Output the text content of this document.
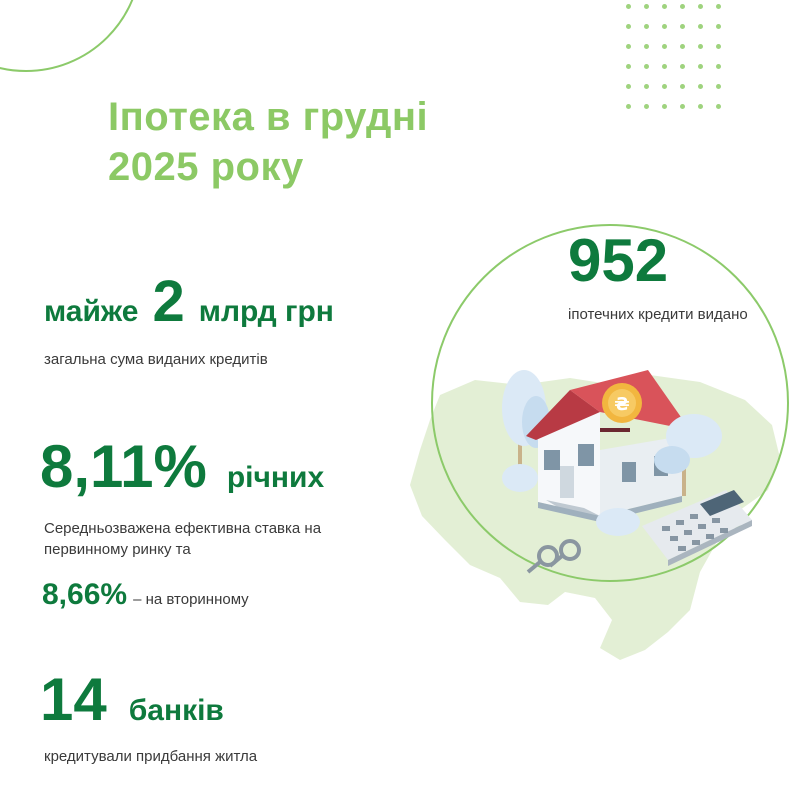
Іпотека в грудні
2025 року
₴
952
іпотечних кредити видано
майже 2 млрд грн
загальна сума виданих кредитів
8,11% річних
Середньозважена ефективна ставка на первинному ринку та
8,66% – на вторинному
14 банків
кредитували придбання житла
